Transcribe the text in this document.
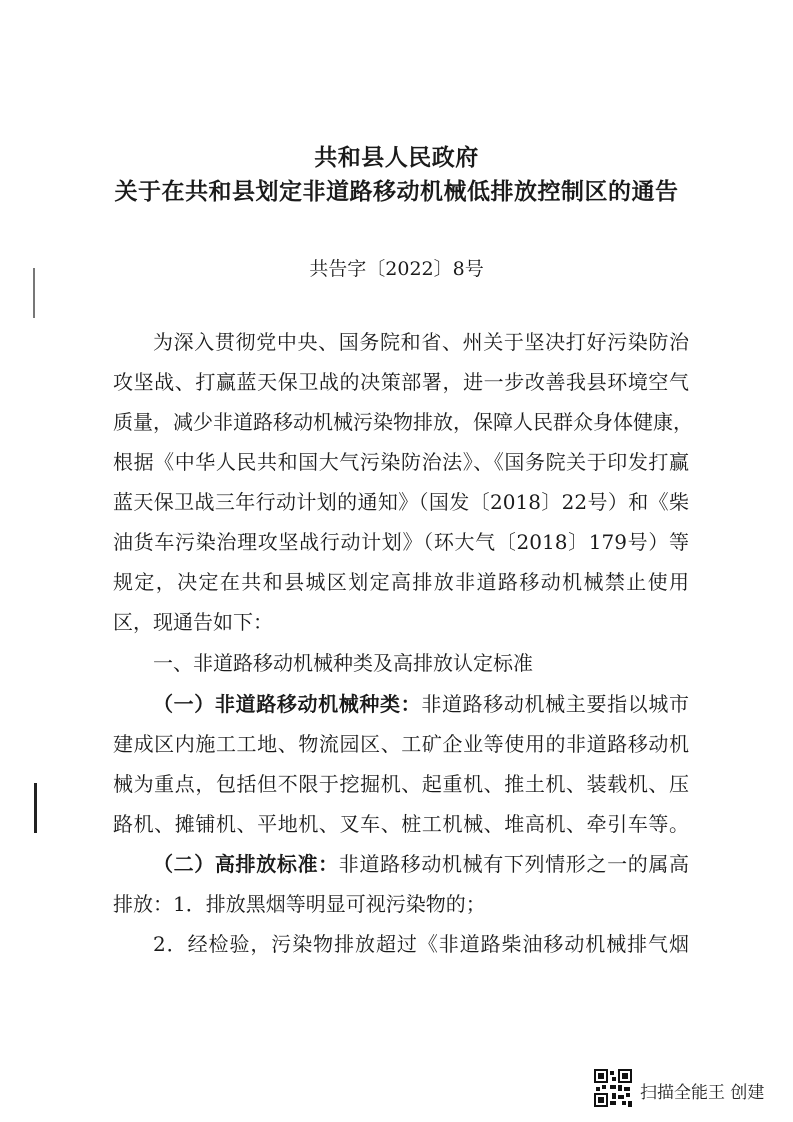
共和县人民政府
关于在共和县划定非道路移动机械低排放控制区的通告
共告字〔2022〕8号
为深入贯彻党中央、国务院和省、州关于坚决打好污染防治
攻坚战、打赢蓝天保卫战的决策部署，进一步改善我县环境空气
质量，减少非道路移动机械污染物排放，保障人民群众身体健康，
根据《中华人民共和国大气污染防治法》、《国务院关于印发打赢
蓝天保卫战三年行动计划的通知》（国发〔2018〕22号）和《柴
油货车污染治理攻坚战行动计划》（环大气〔2018〕179号）等
规定，决定在共和县城区划定高排放非道路移动机械禁止使用
区，现通告如下：
一、非道路移动机械种类及高排放认定标准
（一）非道路移动机械种类：非道路移动机械主要指以城市
建成区内施工工地、物流园区、工矿企业等使用的非道路移动机
械为重点，包括但不限于挖掘机、起重机、推土机、装载机、压
路机、摊铺机、平地机、叉车、桩工机械、堆高机、牵引车等。
（二）高排放标准：非道路移动机械有下列情形之一的属高
排放：1．排放黑烟等明显可视污染物的；
2．经检验，污染物排放超过《非道路柴油移动机械排气烟
扫描全能王 创建
